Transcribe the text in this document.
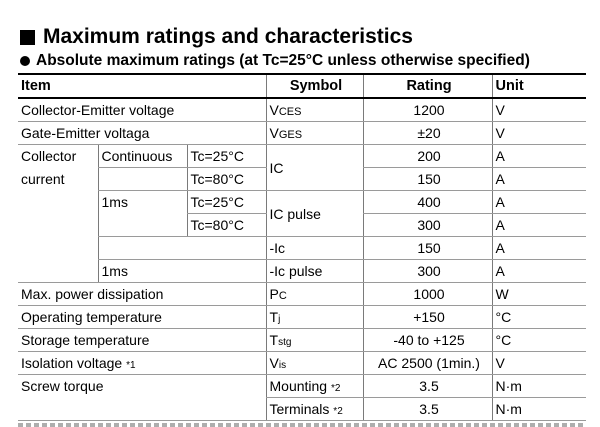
Maximum ratings and characteristics
Absolute maximum ratings (at Tc=25°C unless otherwise specified)
Item			Symbol	Rating	Unit
Collector-Emitter voltage			VCES	1200	V
Gate-Emitter voltaga			VGES	±20	V
Collector	Continuous	Tc=25°C	IC	200	A
current		Tc=80°C		150	A
	1ms	Tc=25°C	IC pulse	400	A
		Tc=80°C		300	A
			-Ic	150	A
	1ms		-Ic pulse	300	A
Max. power dissipation			PC	1000	W
Operating temperature			Tj	+150	°C
Storage temperature			Tstg	-40 to +125	°C
Isolation voltage *1			Vis	AC 2500 (1min.)	V
Screw torque			Mounting *2	3.5	N·m
			Terminals *2	3.5	N·m
